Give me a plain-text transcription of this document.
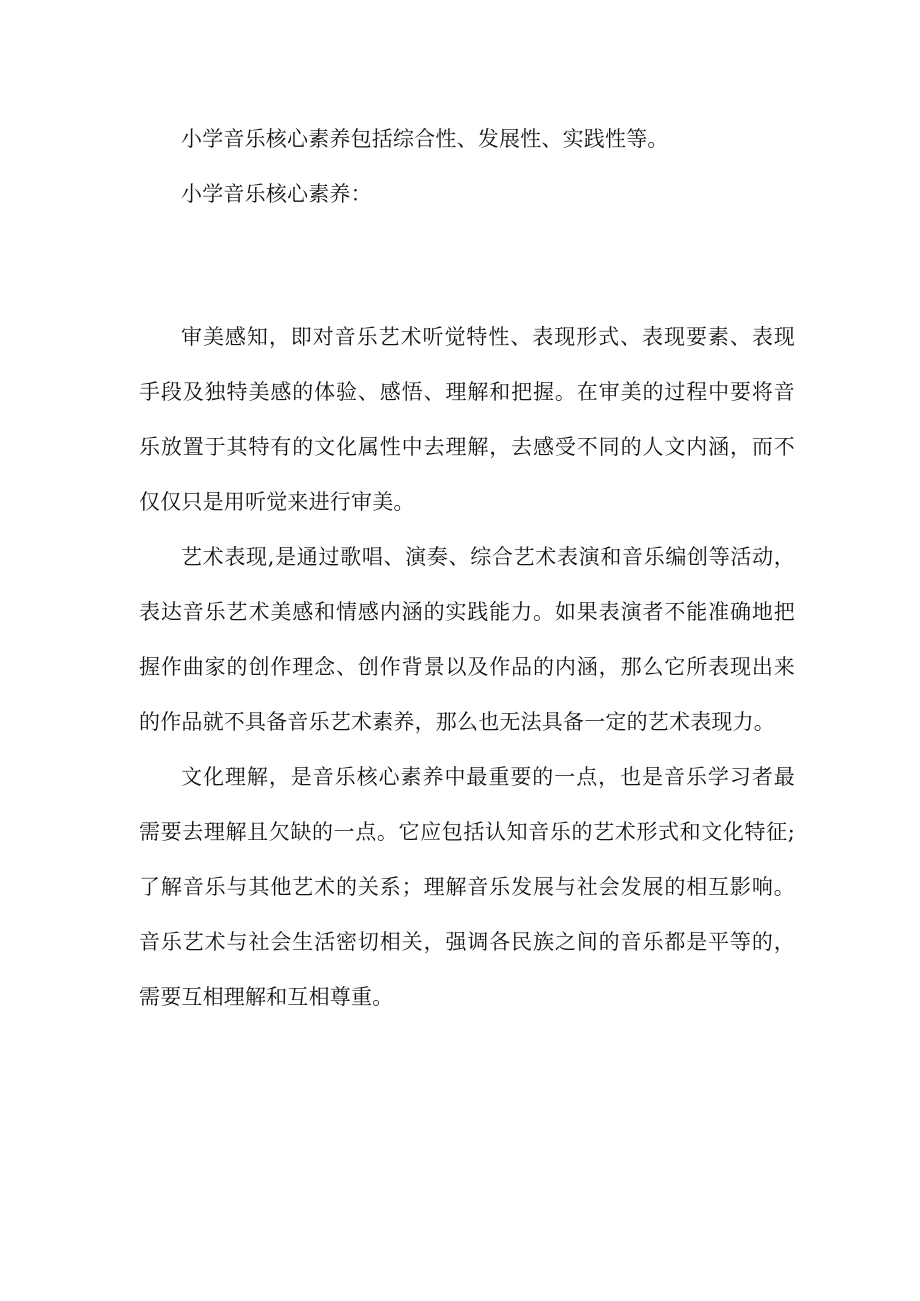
小学音乐核心素养包括综合性、发展性、实践性等。

小学音乐核心素养：

审美感知，即对音乐艺术听觉特性、表现形式、表现要素、表现手段及独特美感的体验、感悟、理解和把握。在审美的过程中要将音乐放置于其特有的文化属性中去理解，去感受不同的人文内涵，而不仅仅只是用听觉来进行审美。

艺术表现,是通过歌唱、演奏、综合艺术表演和音乐编创等活动，表达音乐艺术美感和情感内涵的实践能力。如果表演者不能准确地把握作曲家的创作理念、创作背景以及作品的内涵，那么它所表现出来的作品就不具备音乐艺术素养，那么也无法具备一定的艺术表现力。

文化理解，是音乐核心素养中最重要的一点，也是音乐学习者最需要去理解且欠缺的一点。它应包括认知音乐的艺术形式和文化特征;了解音乐与其他艺术的关系；理解音乐发展与社会发展的相互影响。音乐艺术与社会生活密切相关，强调各民族之间的音乐都是平等的，需要互相理解和互相尊重。
